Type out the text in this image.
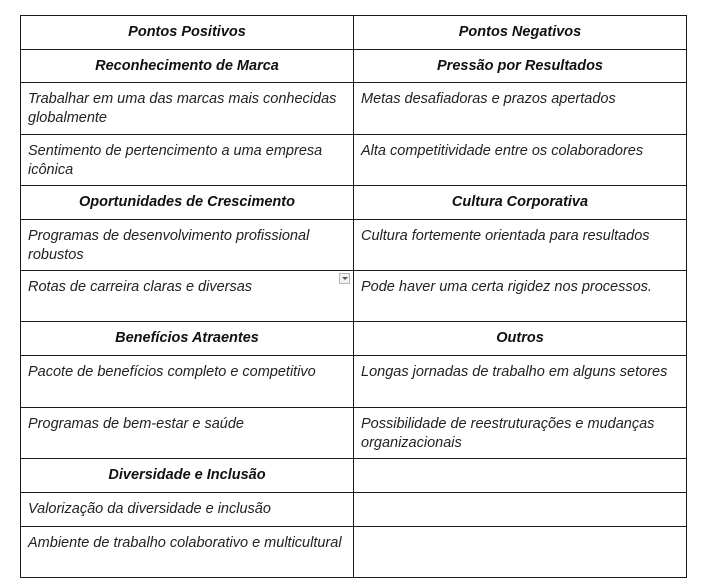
Pontos Positivos	Pontos Negativos
Reconhecimento de Marca	Pressão por Resultados
Trabalhar em uma das marcas mais conhecidas globalmente	Metas desafiadoras e prazos apertados
Sentimento de pertencimento a uma empresa icônica	Alta competitividade entre os colaboradores
Oportunidades de Crescimento	Cultura Corporativa
Programas de desenvolvimento profissional robustos	Cultura fortemente orientada para resultados

Rotas de carreira claras e diversas	Pode haver uma certa rigidez nos processos.
Benefícios Atraentes	Outros
Pacote de benefícios completo e competitivo	Longas jornadas de trabalho em alguns setores
Programas de bem-estar e saúde	Possibilidade de reestruturações e mudanças organizacionais
Diversidade e Inclusão	
Valorização da diversidade e inclusão	
Ambiente de trabalho colaborativo e multicultural	
